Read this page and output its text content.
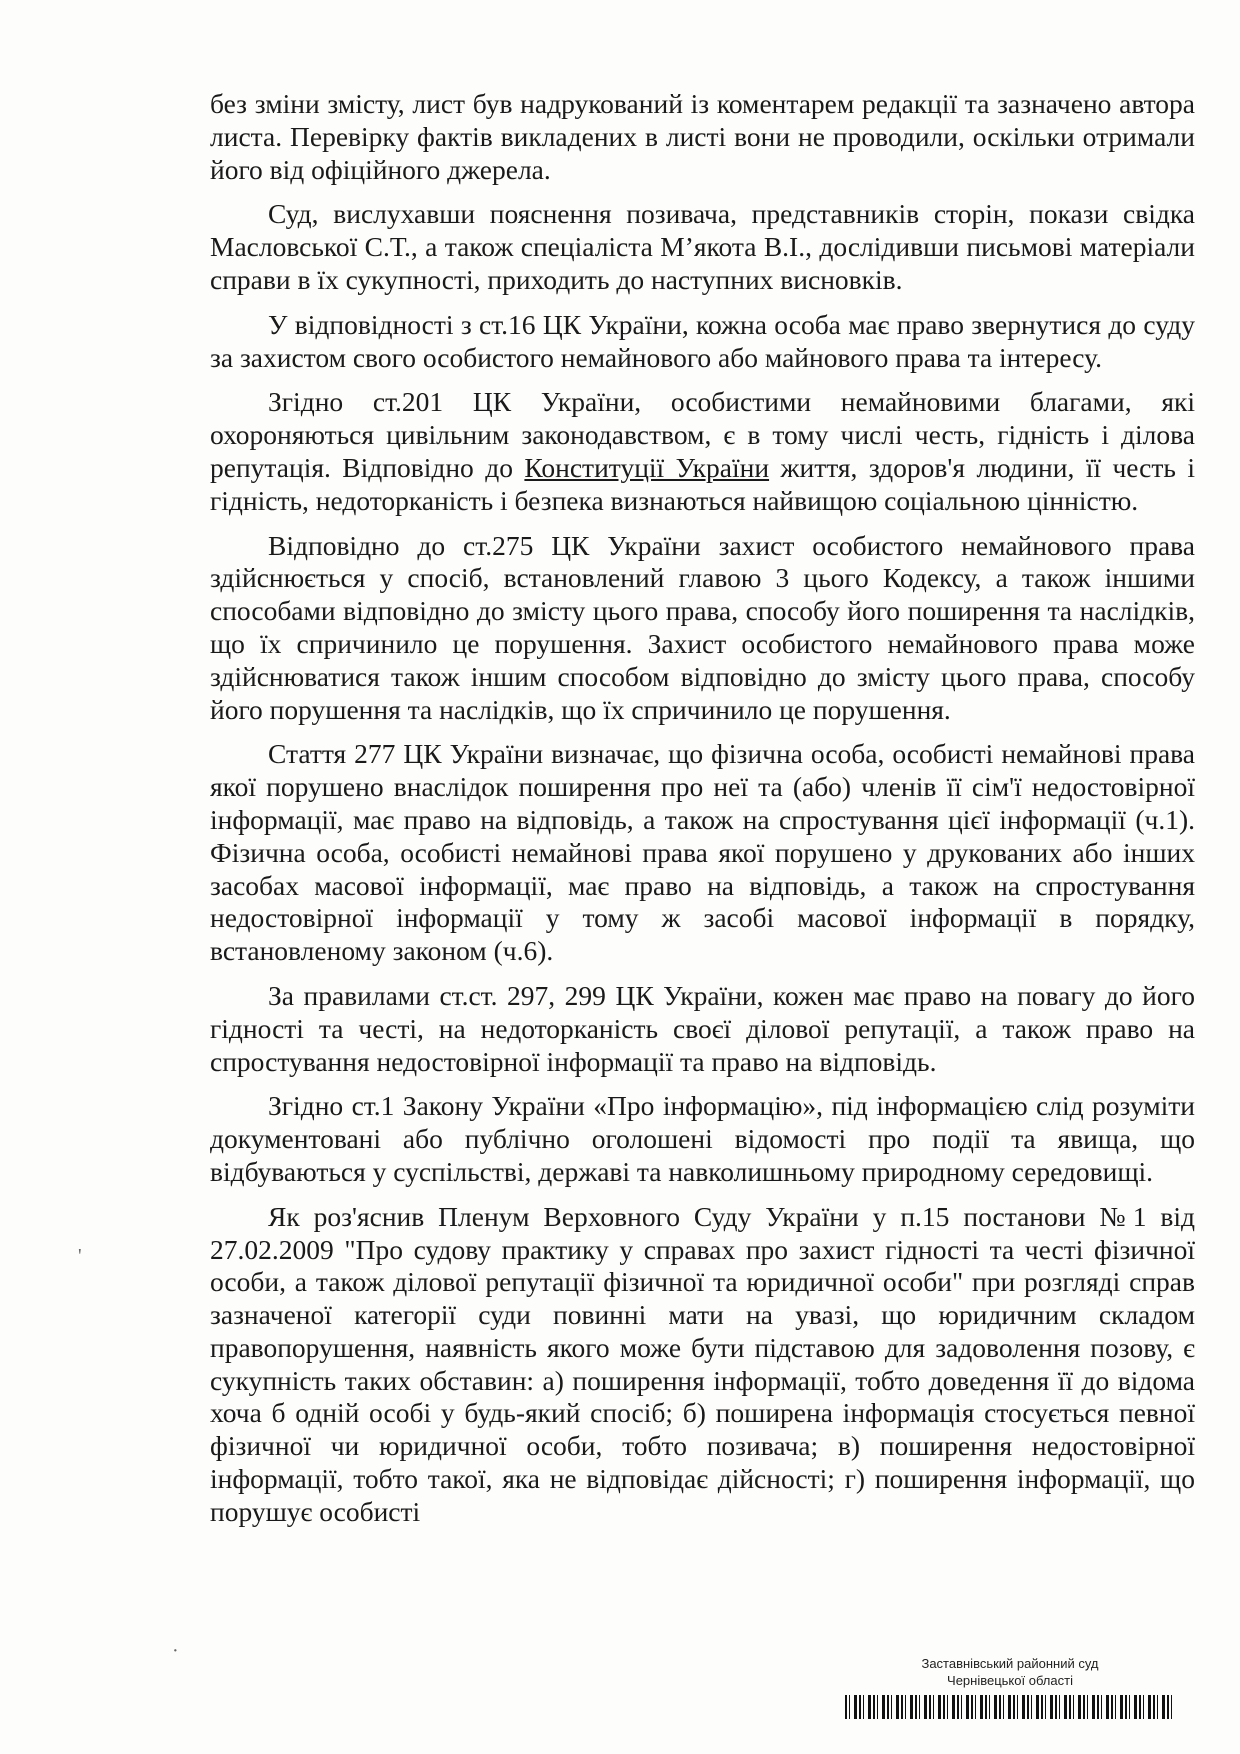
без зміни змісту, лист був надрукований із коментарем редакції та зазначено автора листа. Перевірку фактів викладених в листі вони не проводили, оскільки отримали його від офіційного джерела.

Суд, вислухавши пояснення позивача, представників сторін, покази свідка Масловської С.Т., а також спеціаліста М’якота В.І., дослідивши письмові матеріали справи в їх сукупності, приходить до наступних висновків.

У відповідності з ст.16 ЦК України, кожна особа має право звернутися до суду за захистом свого особистого немайнового або майнового права та інтересу.

Згідно ст.201 ЦК України, особистими немайновими благами, які охороняються цивільним законодавством, є в тому числі честь, гідність і ділова репутація. Відповідно до Конституції України життя, здоров'я людини, її честь і гідність, недоторканість і безпека визнаються найвищою соціальною цінністю.

Відповідно до ст.275 ЦК України захист особистого немайнового права здійснюється у спосіб, встановлений главою 3 цього Кодексу, а також іншими способами відповідно до змісту цього права, способу його поширення та наслідків, що їх спричинило це порушення. Захист особистого немайнового права може здійснюватися також іншим способом відповідно до змісту цього права, способу його порушення та наслідків, що їх спричинило це порушення.

Стаття 277 ЦК України визначає, що фізична особа, особисті немайнові права якої порушено внаслідок поширення про неї та (або) членів її сім'ї недостовірної інформації, має право на відповідь, а також на спростування цієї інформації (ч.1). Фізична особа, особисті немайнові права якої порушено у друкованих або інших засобах масової інформації, має право на відповідь, а також на спростування недостовірної інформації у тому ж засобі масової інформації в порядку, встановленому законом (ч.6).

За правилами ст.ст. 297, 299 ЦК України, кожен має право на повагу до його гідності та честі, на недоторканість своєї ділової репутації, а також право на спростування недостовірної інформації та право на відповідь.

Згідно ст.1 Закону України «Про інформацію», під інформацією слід розуміти документовані або публічно оголошені відомості про події та явища, що відбуваються у суспільстві, державі та навколишньому природному середовищі.

Як роз'яснив Пленум Верховного Суду України у п.15 постанови №1 від 27.02.2009 "Про судову практику у справах про захист гідності та честі фізичної особи, а також ділової репутації фізичної та юридичної особи" при розгляді справ зазначеної категорії суди повинні мати на увазі, що юридичним складом правопорушення, наявність якого може бути підставою для задоволення позову, є сукупність таких обставин: а) поширення інформації, тобто доведення її до відома хоча б одній особі у будь-який спосіб; б) поширена інформація стосується певної фізичної чи юридичної особи, тобто позивача; в) поширення недостовірної інформації, тобто такої, яка не відповідає дійсності; г) поширення інформації, що порушує особисті

'
·
Заставнівський районний суд
Чернівецької області
